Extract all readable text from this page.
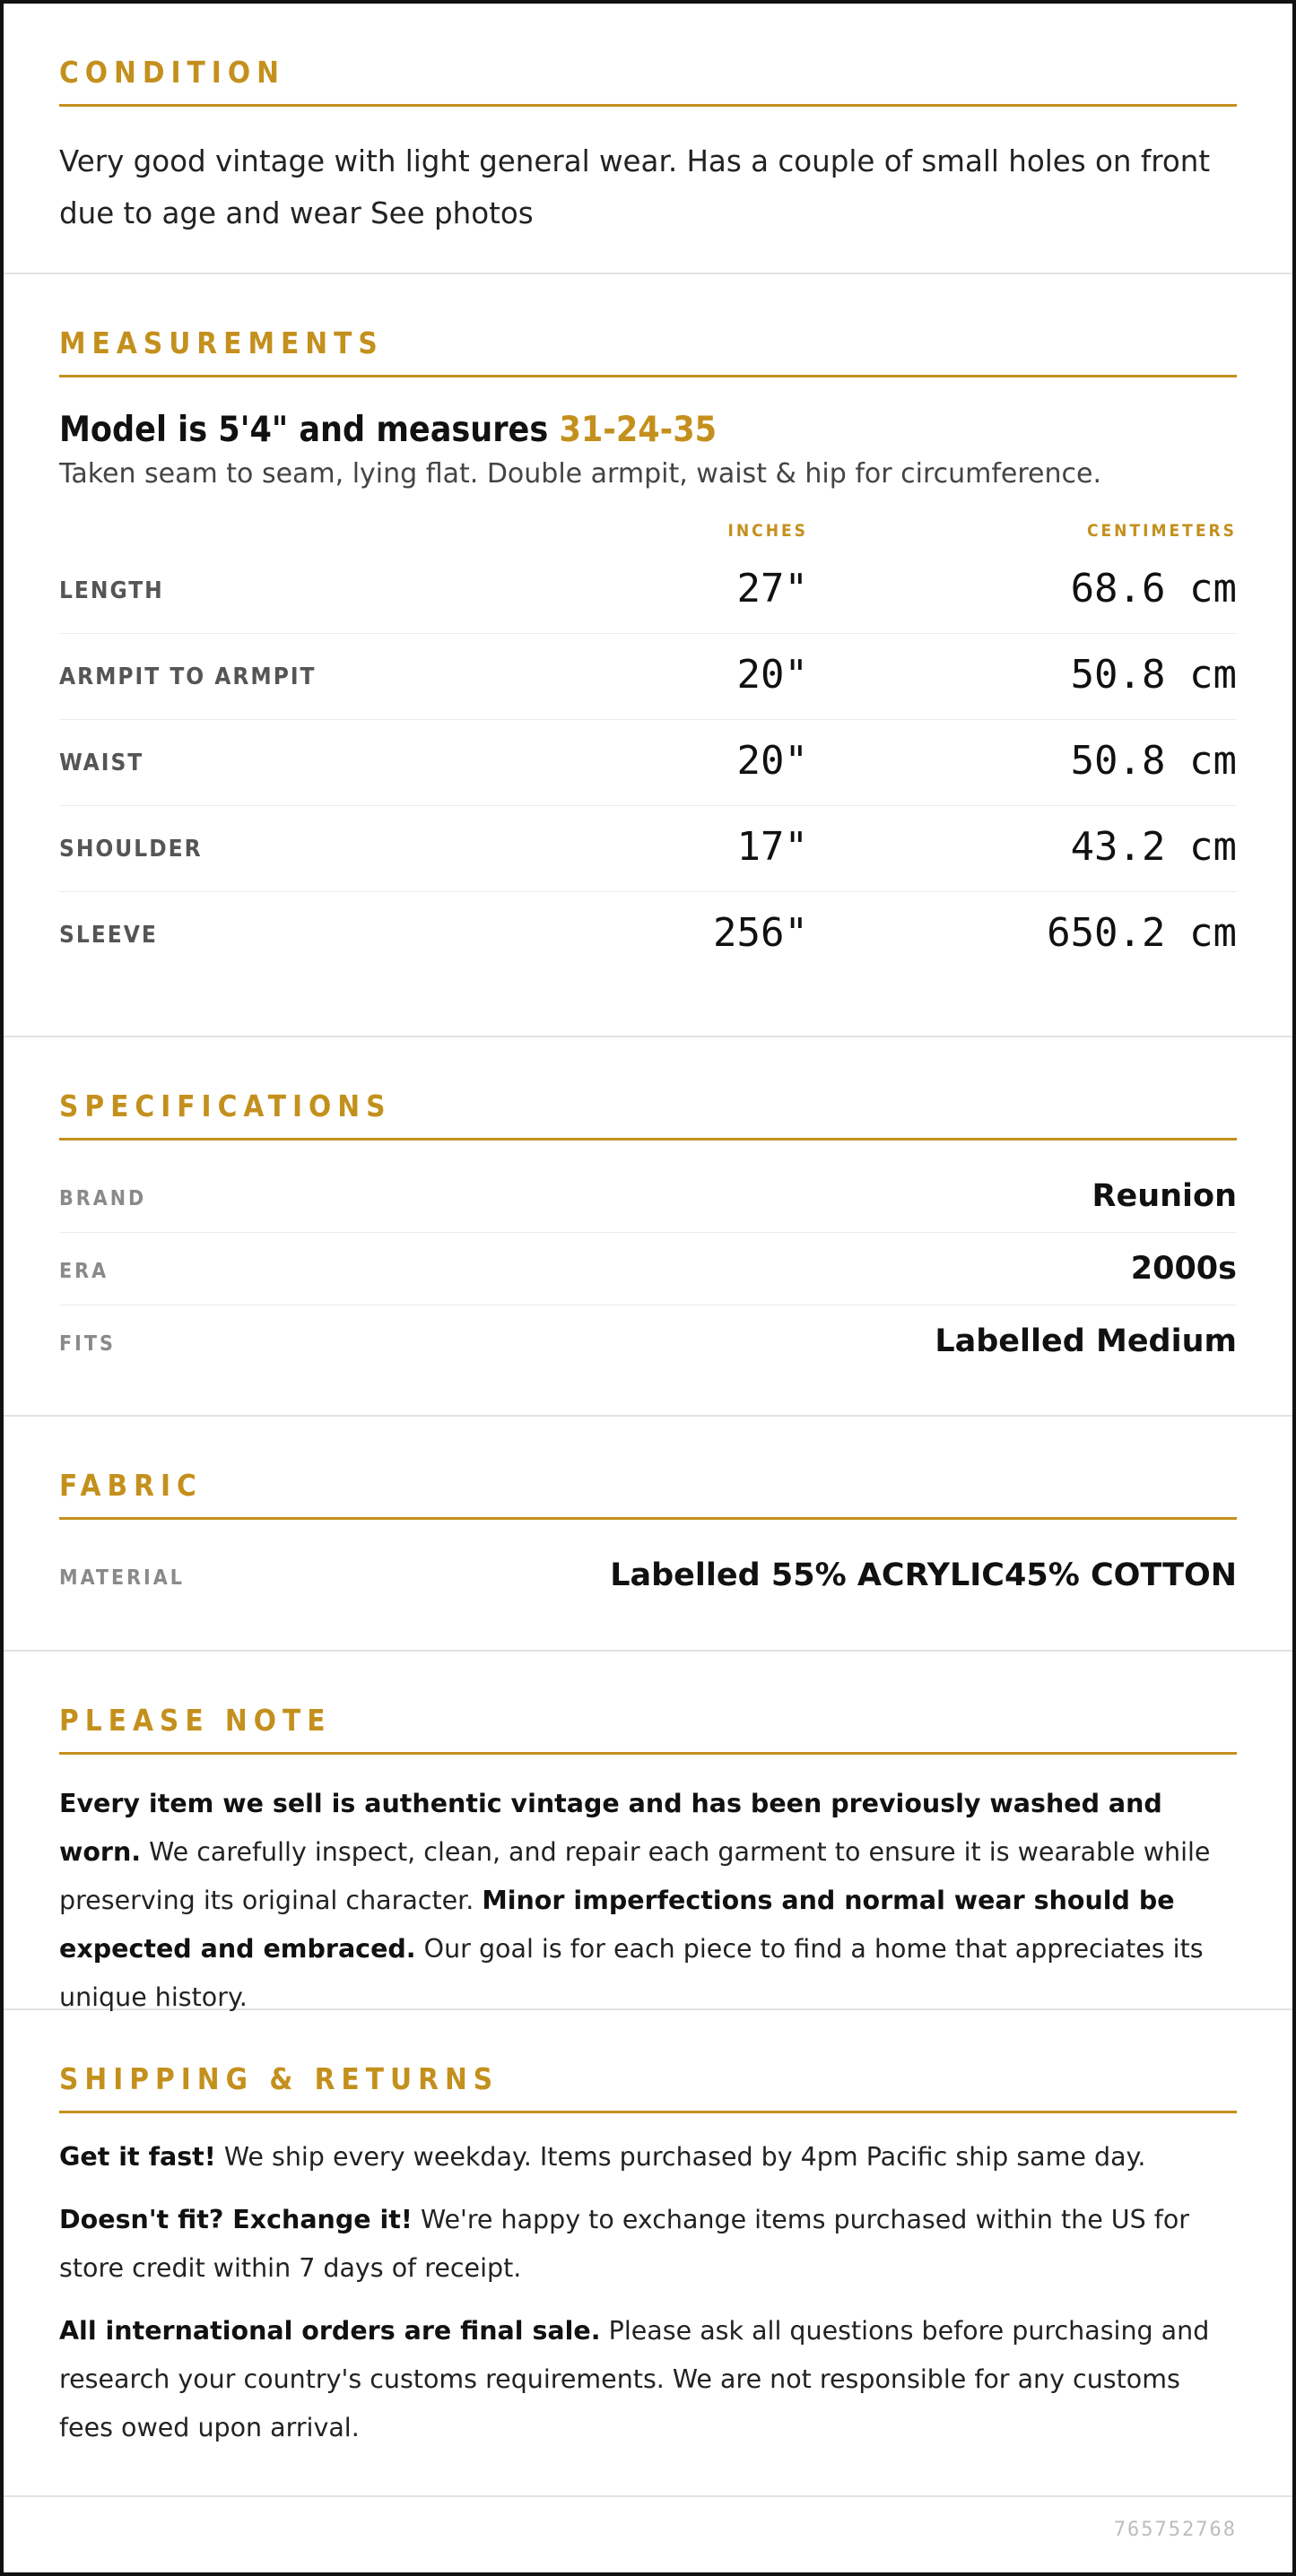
CONDITION

Very good vintage with light general wear. Has a couple of small holes on front due to age and wear See photos

MEASUREMENTS
Model is 5'4" and measures 31-24-35
Taken seam to seam, lying flat. Double armpit, waist & hip for circumference.
INCHES	CENTIMETERS
LENGTH	27"	68.6 cm
ARMPIT TO ARMPIT	20"	50.8 cm
WAIST	20"	50.8 cm
SHOULDER	17"	43.2 cm
SLEEVE	256"	650.2 cm
SPECIFICATIONS
BRAND	Reunion
ERA	2000s
FITS	Labelled Medium
FABRIC
MATERIAL	Labelled 55% ACRYLIC45% COTTON
PLEASE NOTE

Every item we sell is authentic vintage and has been previously washed and worn. We carefully inspect, clean, and repair each garment to ensure it is wearable while preserving its original character. Minor imperfections and normal wear should be expected and embraced. Our goal is for each piece to find a home that appreciates its unique history.

SHIPPING & RETURNS

Get it fast! We ship every weekday. Items purchased by 4pm Pacific ship same day.

Doesn't fit? Exchange it! We're happy to exchange items purchased within the US for store credit within 7 days of receipt.

All international orders are final sale. Please ask all questions before purchasing and research your country's customs requirements. We are not responsible for any customs fees owed upon arrival.

765752768
